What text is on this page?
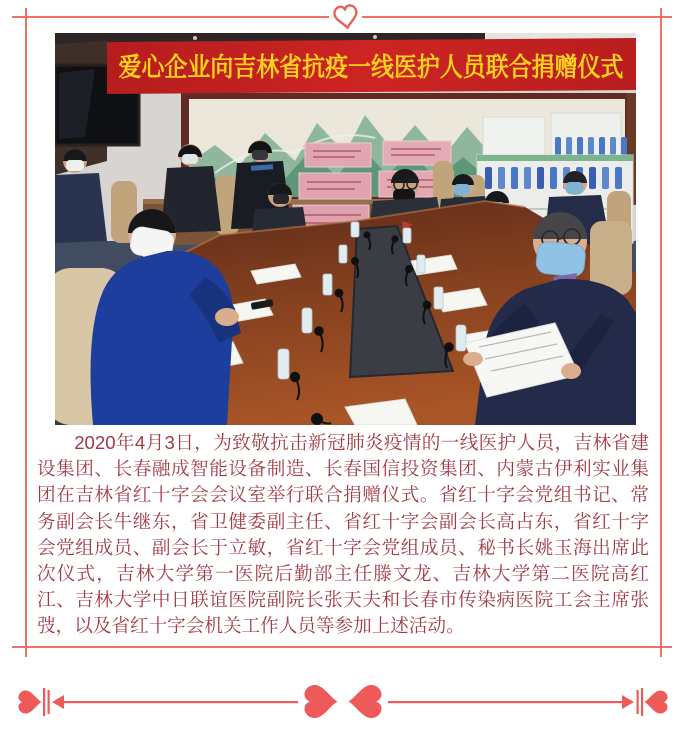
爱心企业向吉林省抗疫一线医护人员联合捐赠仪式

2020年4月3日，为致敬抗击新冠肺炎疫情的一线医护人员，吉林省建设集团、长春融成智能设备制造、长春国信投资集团、内蒙古伊利实业集团在吉林省红十字会会议室举行联合捐赠仪式。省红十字会党组书记、常务副会长牛继东，省卫健委副主任、省红十字会副会长高占东，省红十字会党组成员、副会长于立敏，省红十字会党组成员、秘书长姚玉海出席此次仪式，吉林大学第一医院后勤部主任滕文龙、吉林大学第二医院高红江、吉林大学中日联谊医院副院长张天夫和长春市传染病医院工会主席张弢，以及省红十字会机关工作人员等参加上述活动。
